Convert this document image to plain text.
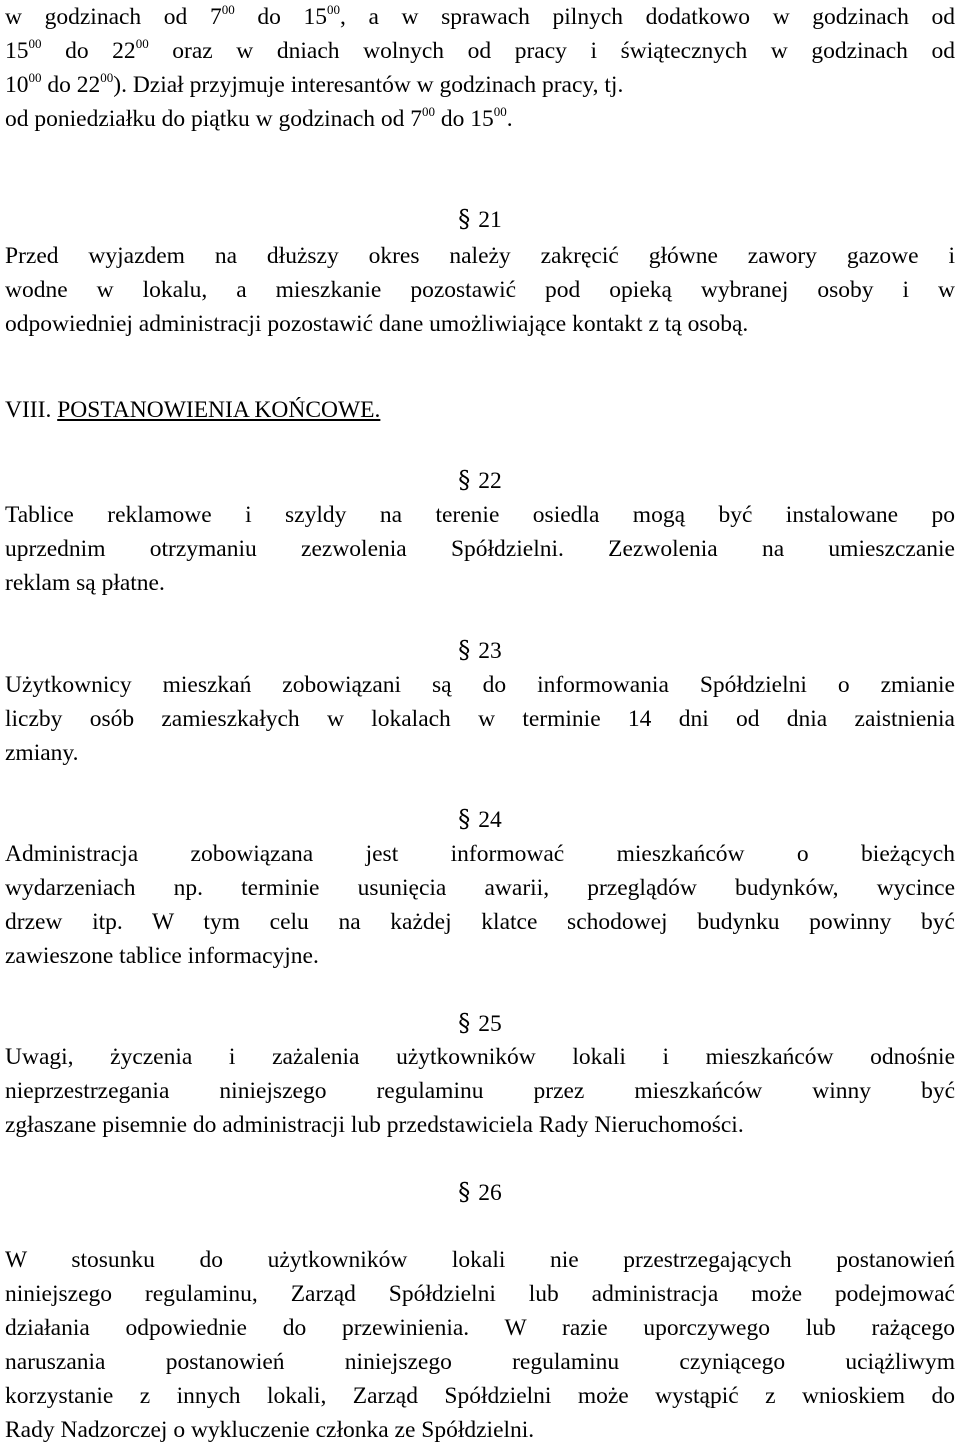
w godzinach od $7^{00}$ do $15^{00}$, a w sprawach pilnych dodatkowo w godzinach od
$15^{00}$ do $22^{00}$ oraz w dniach wolnych od pracy i świątecznych w godzinach od
$10^{00}$ do $22^{00}$). Dział przyjmuje interesantów w godzinach pracy, tj.
od poniedziałku do piątku w godzinach od $7^{00}$ do $15^{00}$.
§ 21
Przed wyjazdem na dłuższy okres należy zakręcić główne zawory gazowe i
wodne w lokalu, a mieszkanie pozostawić pod opieką wybranej osoby i w
odpowiedniej administracji pozostawić dane umożliwiające kontakt z tą osobą.
VIII. POSTANOWIENIA KOŃCOWE.
§ 22
Tablice reklamowe i szyldy na terenie osiedla mogą być instalowane po
uprzednim otrzymaniu zezwolenia Spółdzielni. Zezwolenia na umieszczanie
reklam są płatne.
§ 23
Użytkownicy mieszkań zobowiązani są do informowania Spółdzielni o zmianie
liczby osób zamieszkałych w lokalach w terminie 14 dni od dnia zaistnienia
zmiany.
§ 24
Administracja zobowiązana jest informować mieszkańców o bieżących
wydarzeniach np. terminie usunięcia awarii, przeglądów budynków, wycince
drzew itp. W tym celu na każdej klatce schodowej budynku powinny być
zawieszone tablice informacyjne.
§ 25
Uwagi, życzenia i zażalenia użytkowników lokali i mieszkańców odnośnie
nieprzestrzegania niniejszego regulaminu przez mieszkańców winny być
zgłaszane pisemnie do administracji lub przedstawiciela Rady Nieruchomości.
§ 26
W stosunku do użytkowników lokali nie przestrzegających postanowień
niniejszego regulaminu, Zarząd Spółdzielni lub administracja może podejmować
działania odpowiednie do przewinienia. W razie uporczywego lub rażącego
naruszania postanowień niniejszego regulaminu czyniącego uciążliwym
korzystanie z innych lokali, Zarząd Spółdzielni może wystąpić z wnioskiem do
Rady Nadzorczej o wykluczenie członka ze Spółdzielni.
